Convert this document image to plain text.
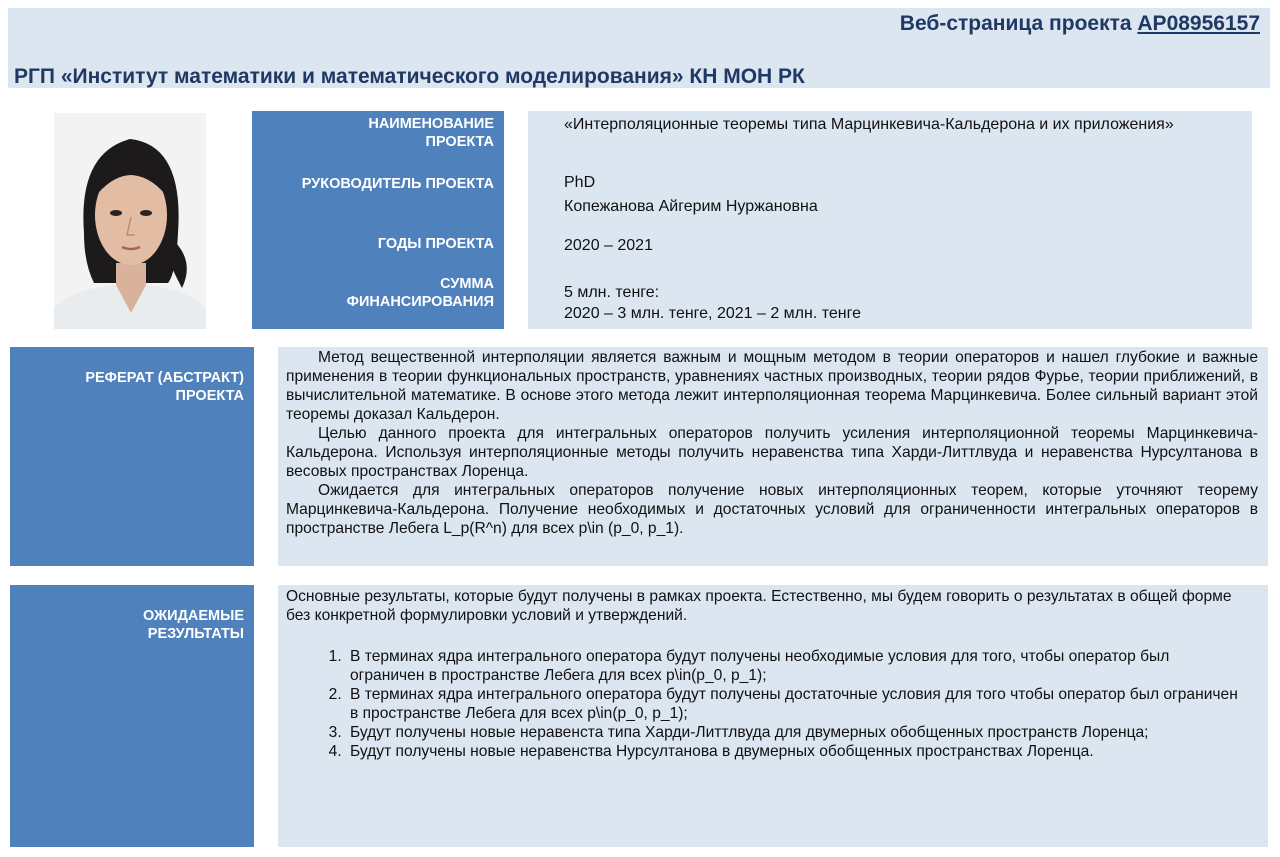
Веб-страница проекта AP08956157
РГП «Институт математики и математического моделирования» КН МОН РК
НАИМЕНОВАНИЕ ПРОЕКТА
РУКОВОДИТЕЛЬ ПРОЕКТА
ГОДЫ ПРОЕКТА
СУММА ФИНАНСИРОВАНИЯ
«Интерполяционные теоремы типа Марцинкевича-Кальдерона и их приложения»
PhD
Копежанова Айгерим Нуржановна
2020 – 2021
5 млн. тенге:
2020 – 3 млн. тенге, 2021 – 2 млн. тенге
РЕФЕРАТ (АБСТРАКТ) ПРОЕКТА

Метод вещественной интерполяции является важным и мощным методом в теории операторов и нашел глубокие и важные применения в теории функциональных пространств, уравнениях частных производных, теории рядов Фурье, теории приближений, в вычислительной математике. В основе этого метода лежит интерполяционная теорема Марцинкевича. Более сильный вариант этой теоремы доказал Кальдерон.

Целью данного проекта для интегральных операторов получить усиления интерполяционной теоремы Марцинкевича-Кальдерона. Используя интерполяционные методы получить неравенства типа Харди-Литтлвуда и неравенства Нурсултанова в весовых пространствах Лоренца.

Ожидается для интегральных операторов получение новых интерполяционных теорем, которые уточняют теорему Марцинкевича-Кальдерона. Получение необходимых и достаточных условий для ограниченности интегральных операторов в пространстве Лебега L_p(R^n) для всех p\in (p_0, p_1).

ОЖИДАЕМЫЕ РЕЗУЛЬТАТЫ

Основные результаты, которые будут получены в рамках проекта. Естественно, мы будем говорить о результатах в общей форме без конкретной формулировки условий и утверждений.

1. В терминах ядра интегрального оператора будут получены необходимые условия для того, чтобы оператор был ограничен в пространстве Лебега для всех p\in(p_0, p_1);
2. В терминах ядра интегрального оператора будут получены достаточные условия для того чтобы оператор был ограничен в пространстве Лебега для всех p\in(p_0, p_1);
3. Будут получены новые неравенста типа Харди-Литтлвуда для двумерных обобщенных пространств Лоренца;
4. Будут получены новые неравенства Нурсултанова в двумерных обобщенных пространствах Лоренца.
